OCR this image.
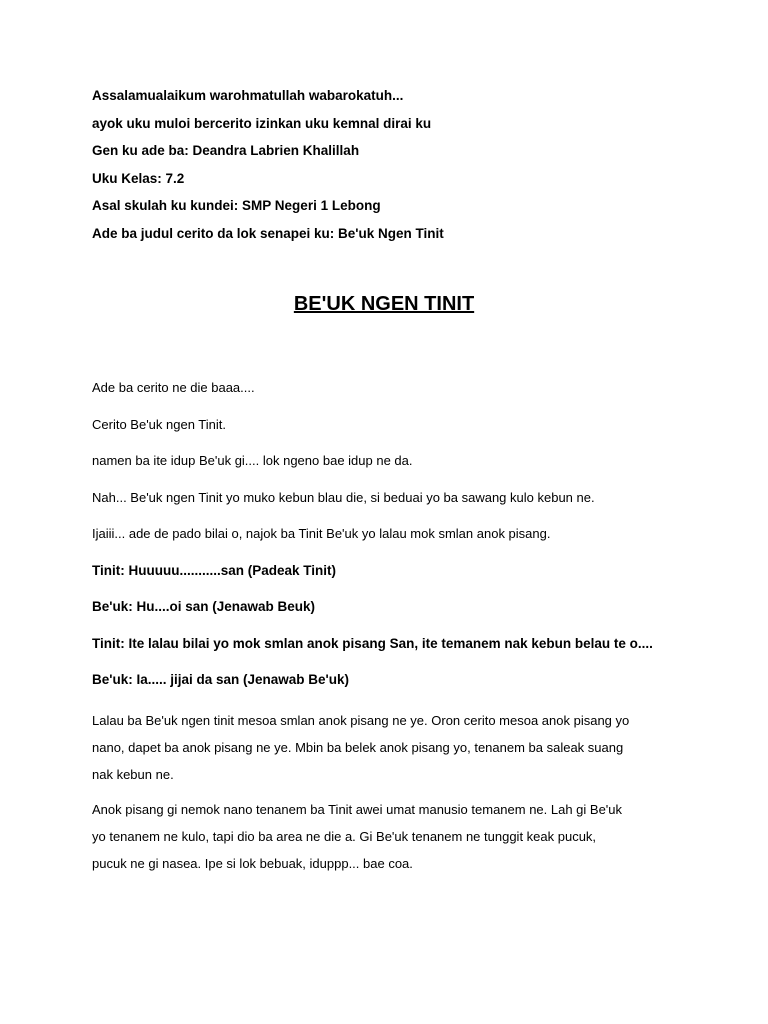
Assalamualaikum warohmatullah wabarokatuh...
ayok uku muloi bercerito izinkan uku kemnal dirai ku
Gen ku ade ba: Deandra Labrien Khalillah
Uku Kelas: 7.2
Asal skulah ku kundei: SMP Negeri 1 Lebong
Ade ba judul cerito da lok senapei ku: Be'uk Ngen Tinit
BE'UK NGEN TINIT
Ade ba cerito ne die baaa....
Cerito Be'uk ngen Tinit.
namen ba ite idup Be'uk gi.... lok ngeno bae idup ne da.
Nah... Be'uk ngen Tinit yo muko kebun blau die, si beduai yo ba sawang kulo kebun ne.
Ijaiii... ade de pado bilai o, najok ba Tinit Be'uk yo lalau mok smlan anok pisang.
Tinit: Huuuuu...........san (Padeak Tinit)
Be'uk: Hu....oi san (Jenawab Beuk)
Tinit: Ite lalau bilai yo mok smlan anok pisang San, ite temanem nak kebun belau te o....
Be'uk: Ia..... jijai da san (Jenawab Be'uk)
Lalau ba Be'uk ngen tinit mesoa smlan anok pisang ne ye. Oron cerito mesoa anok pisang yo
nano, dapet ba anok pisang ne ye. Mbin ba belek anok pisang yo, tenanem ba saleak suang
nak kebun ne.
Anok pisang gi nemok nano tenanem ba Tinit awei umat manusio temanem ne. Lah gi Be'uk
yo tenanem ne kulo, tapi dio ba area ne die a. Gi Be'uk tenanem ne tunggit keak pucuk,
pucuk ne gi nasea. Ipe si lok bebuak, iduppp... bae coa.
